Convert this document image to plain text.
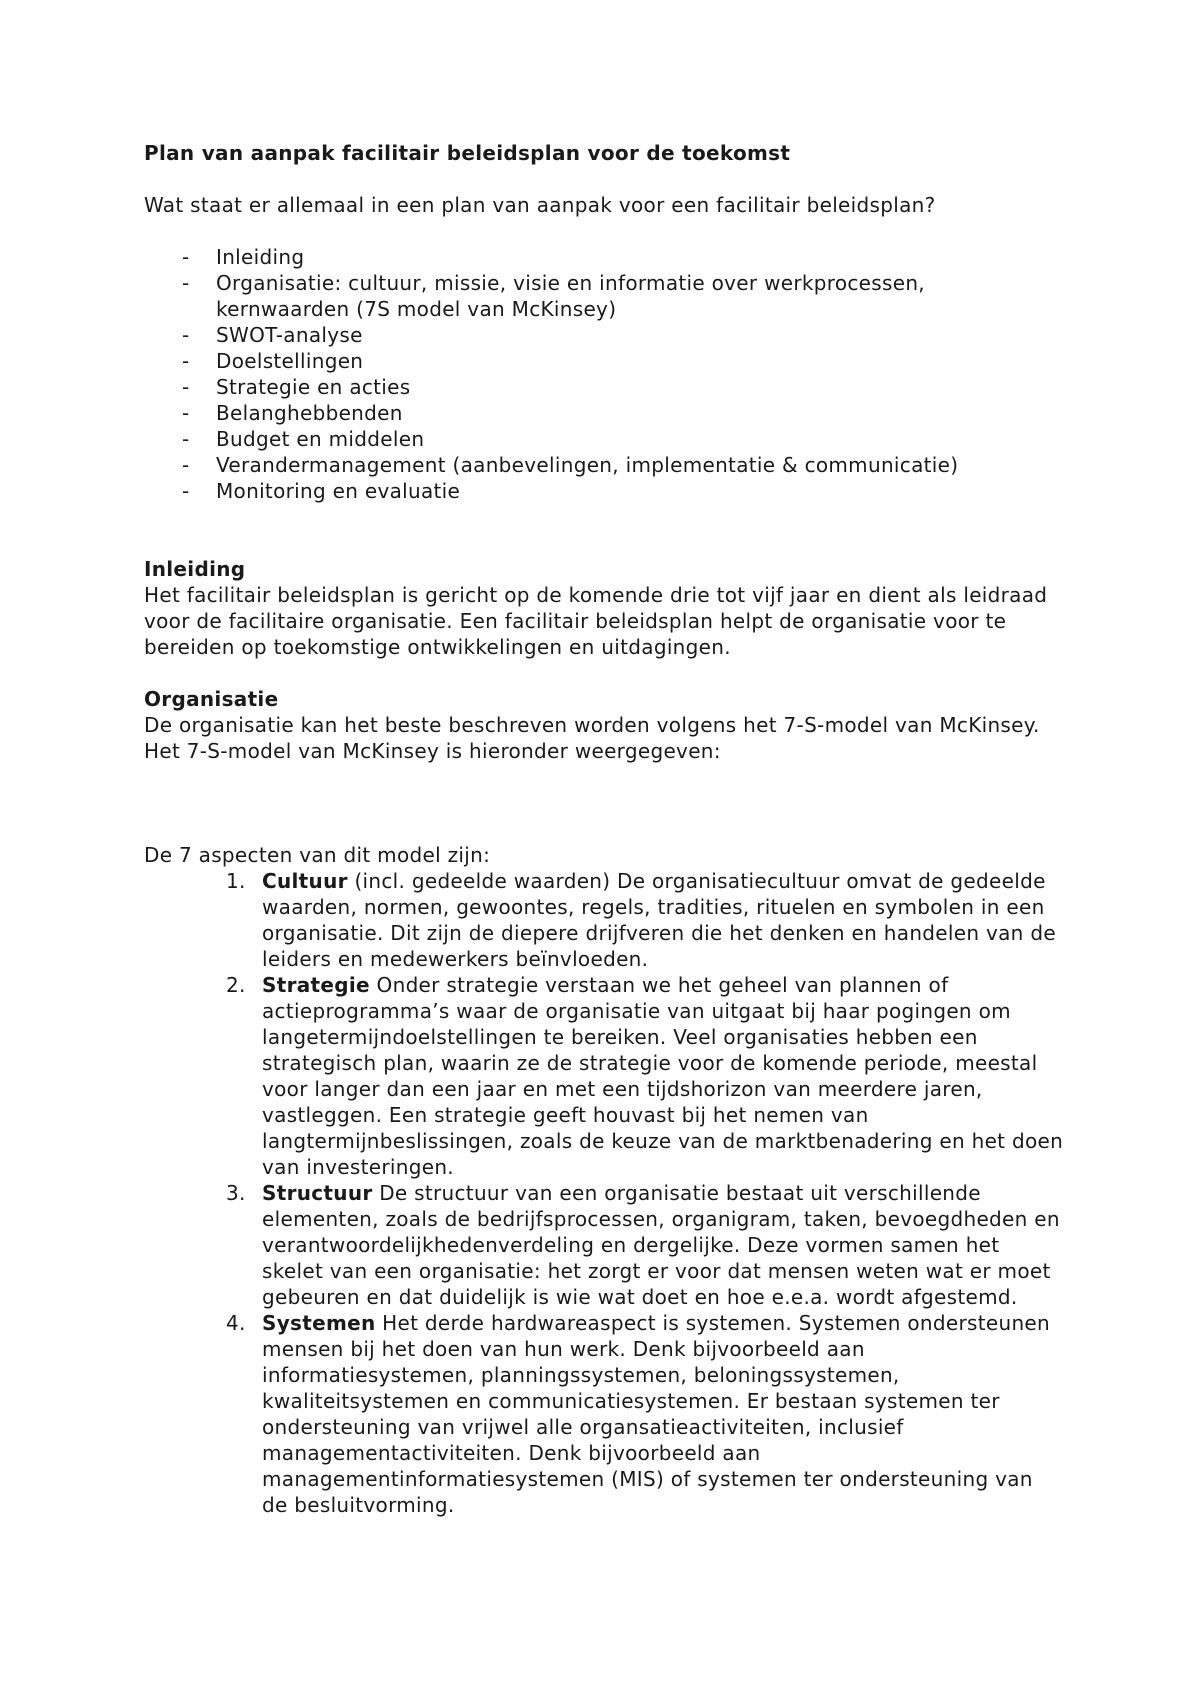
Plan van aanpak facilitair beleidsplan voor de toekomst

Wat staat er allemaal in een plan van aanpak voor een facilitair beleidsplan?

- Inleiding
- Organisatie: cultuur, missie, visie en informatie over werkprocessen, kernwaarden (7S model van McKinsey)
- SWOT-analyse
- Doelstellingen
- Strategie en acties
- Belanghebbenden
- Budget en middelen
- Verandermanagement (aanbevelingen, implementatie & communicatie)
- Monitoring en evaluatie

Inleiding

Het facilitair beleidsplan is gericht op de komende drie tot vijf jaar en dient als leidraad voor de facilitaire organisatie. Een facilitair beleidsplan helpt de organisatie voor te bereiden op toekomstige ontwikkelingen en uitdagingen.

Organisatie

De organisatie kan het beste beschreven worden volgens het 7-S-model van McKinsey. Het 7-S-model van McKinsey is hieronder weergegeven:

De 7 aspecten van dit model zijn:

1. Cultuur (incl. gedeelde waarden) De organisatiecultuur omvat de gedeelde waarden, normen, gewoontes, regels, tradities, rituelen en symbolen in een organisatie. Dit zijn de diepere drijfveren die het denken en handelen van de leiders en medewerkers beïnvloeden.
2. Strategie Onder strategie verstaan we het geheel van plannen of actieprogramma’s waar de organisatie van uitgaat bij haar pogingen om langetermijndoelstellingen te bereiken. Veel organisaties hebben een strategisch plan, waarin ze de strategie voor de komende periode, meestal voor langer dan een jaar en met een tijdshorizon van meerdere jaren, vastleggen. Een strategie geeft houvast bij het nemen van langtermijnbeslissingen, zoals de keuze van de marktbenadering en het doen van investeringen.
3. Structuur De structuur van een organisatie bestaat uit verschillende elementen, zoals de bedrijfsprocessen, organigram, taken, bevoegdheden en verantwoordelijkhedenverdeling en dergelijke. Deze vormen samen het skelet van een organisatie: het zorgt er voor dat mensen weten wat er moet gebeuren en dat duidelijk is wie wat doet en hoe e.e.a. wordt afgestemd.
4. Systemen Het derde hardwareaspect is systemen. Systemen ondersteunen mensen bij het doen van hun werk. Denk bijvoorbeeld aan informatiesystemen, planningssystemen, beloningssystemen, kwaliteitsystemen en communicatiesystemen. Er bestaan systemen ter ondersteuning van vrijwel alle organsatieactiviteiten, inclusief managementactiviteiten. Denk bijvoorbeeld aan managementinformatiesystemen (MIS) of systemen ter ondersteuning van de besluitvorming.
